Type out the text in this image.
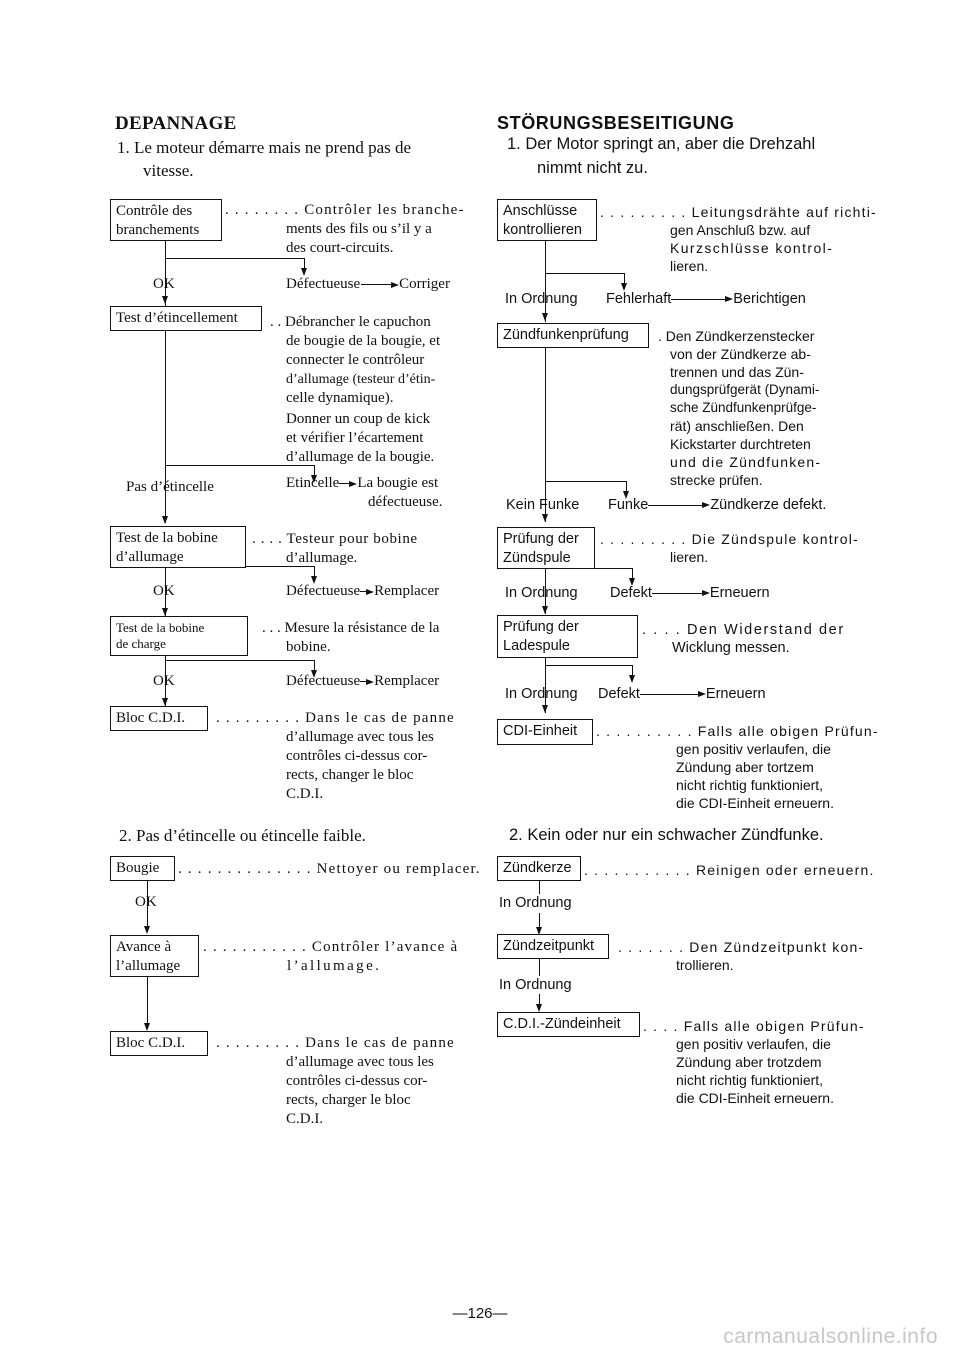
DEPANNAGE
1. Le moteur démarre mais ne prend pas de
vitesse.
Contrôle des
branchements
. . . . . . . . Contrôler les branche-
ments des fils ou s’il y a
des court-circuits.
OK	Défectueuse	Corriger
Test d’étincellement	. . Débrancher le capuchon
de bougie de la bougie, et
connecter le contrôleur
d’allumage (testeur d’étin-
celle dynamique).
Donner un coup de kick
et vérifier l’écartement
d’allumage de la bougie.
Pas d’étincelle	Etincelle La bougie est
défectueuse.
Test de la bobine
d’allumage
. . . . Testeur pour bobine
d’allumage.
OK	Défectueuse Remplacer
Test de la bobine
de charge
. . . Mesure la résistance de la
bobine.
OK	Défectueuse Remplacer
Bloc C.D.I.	. . . . . . . . . Dans le cas de panne
d’allumage avec tous les
contrôles ci-dessus cor-
rects, changer le bloc
C.D.I.
2. Pas d’étincelle ou étincelle faible.
Bougie	. . . . . . . . . . . . . . Nettoyer ou remplacer.
OK
Avance à
l’allumage
. . . . . . . . . . . Contrôler l’avance à
l’allumage.
Bloc C.D.I.	. . . . . . . . . Dans le cas de panne
d’allumage avec tous les
contrôles ci-dessus cor-
rects, charger le bloc
C.D.I.
STÖRUNGSBESEITIGUNG
1. Der Motor springt an, aber die Drehzahl
nimmt nicht zu.
Anschlüsse
kontrollieren
. . . . . . . . . Leitungsdrähte auf richti-
gen Anschluß bzw. auf
Kurzschlüsse kontrol-
lieren.
In Ordnung Fehlerhaft	Berichtigen
Zündfunkenprüfung	. Den Zündkerzenstecker
von der Zündkerze ab-
trennen und das Zün-
dungsprüfgerät (Dynami-
sche Zündfunkenprüfge-
rät) anschließen. Den
Kickstarter durchtreten
und die Zündfunken-
strecke prüfen.
Kein Funke Funke	Zündkerze defekt.
Prüfung der
Zündspule
. . . . . . . . . Die Zündspule kontrol-
lieren.
In Ordnung Defekt	Erneuern
Prüfung der
Ladespule
. . . . Den Widerstand der
Wicklung messen.
In Ordnung Defekt	Erneuern
CDI-Einheit	. . . . . . . . . . Falls alle obigen Prüfun-
gen positiv verlaufen, die
Zündung aber tortzem
nicht richtig funktioniert,
die CDI-Einheit erneuern.
2. Kein oder nur ein schwacher Zündfunke.
Zündkerze . . . . . . . . . . . Reinigen oder erneuern.
In Ordnung
Zündzeitpunkt	. . . . . . . Den Zündzeitpunkt kon-
trollieren.
In Ordnung
C.D.I.-Zündeinheit	. . . . Falls alle obigen Prüfun-
gen positiv verlaufen, die
Zündung aber trotzdem
nicht richtig funktioniert,
die CDI-Einheit erneuern.
—126—
carmanualsonline.info
